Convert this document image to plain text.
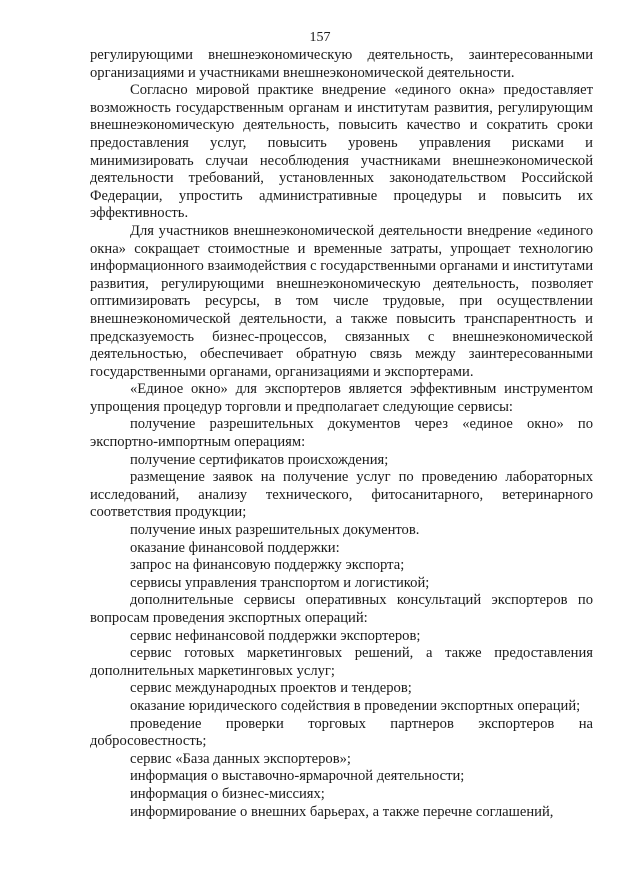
157

регулирующими внешнеэкономическую деятельность, заинтересованными организациями и участниками внешнеэкономической деятельности.

Согласно мировой практике внедрение «единого окна» предоставляет возможность государственным органам и институтам развития, регулирующим внешнеэкономическую деятельность, повысить качество и сократить сроки предоставления услуг, повысить уровень управления рисками и минимизировать случаи несоблюдения участниками внешнеэкономической деятельности требований, установленных законодательством Российской Федерации, упростить административные процедуры и повысить их эффективность.

Для участников внешнеэкономической деятельности внедрение «единого окна» сокращает стоимостные и временные затраты, упрощает технологию информационного взаимодействия с государственными органами и институтами развития, регулирующими внешнеэкономическую деятельность, позволяет оптимизировать ресурсы, в том числе трудовые, при осуществлении внешнеэкономической деятельности, а также повысить транспарентность и предсказуемость бизнес-процессов, связанных с внешнеэкономической деятельностью, обеспечивает обратную связь между заинтересованными государственными органами, организациями и экспортерами.

«Единое окно» для экспортеров является эффективным инструментом упрощения процедур торговли и предполагает следующие сервисы:

получение разрешительных документов через «единое окно» по экспортно-импортным операциям:

получение сертификатов происхождения;

размещение заявок на получение услуг по проведению лабораторных исследований, анализу технического, фитосанитарного, ветеринарного соответствия продукции;

получение иных разрешительных документов.

оказание финансовой поддержки:

запрос на финансовую поддержку экспорта;

сервисы управления транспортом и логистикой;

дополнительные сервисы оперативных консультаций экспортеров по вопросам проведения экспортных операций:

сервис нефинансовой поддержки экспортеров;

сервис готовых маркетинговых решений, а также предоставления дополнительных маркетинговых услуг;

сервис международных проектов и тендеров;

оказание юридического содействия в проведении экспортных операций;

проведение проверки торговых партнеров экспортеров на добросовестность;

сервис «База данных экспортеров»;

информация о выставочно-ярмарочной деятельности;

информация о бизнес-миссиях;

информирование о внешних барьерах, а также перечне соглашений,
